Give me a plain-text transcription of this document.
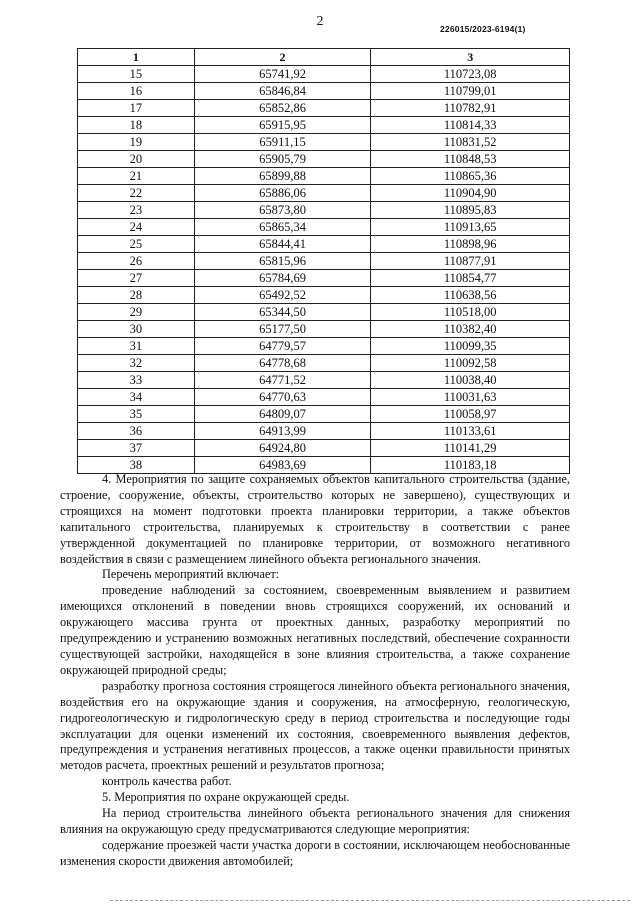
2	226015/2023-6194(1)
1	2	3
15	65741,92	110723,08
16	65846,84	110799,01
17	65852,86	110782,91
18	65915,95	110814,33
19	65911,15	110831,52
20	65905,79	110848,53
21	65899,88	110865,36
22	65886,06	110904,90
23	65873,80	110895,83
24	65865,34	110913,65
25	65844,41	110898,96
26	65815,96	110877,91
27	65784,69	110854,77
28	65492,52	110638,56
29	65344,50	110518,00
30	65177,50	110382,40
31	64779,57	110099,35
32	64778,68	110092,58
33	64771,52	110038,40
34	64770,63	110031,63
35	64809,07	110058,97
36	64913,99	110133,61
37	64924,80	110141,29
38	64983,69	110183,18

4. Мероприятия по защите сохраняемых объектов капитального строительства (здание, строение, сооружение, объекты, строительство которых не завершено), существующих и строящихся на момент подготовки проекта планировки территории, а также объектов капитального строительства, планируемых к строительству в соответствии с ранее утвержденной документацией по планировке территории, от возможного негативного воздействия в связи с размещением линейного объекта регионального значения.

Перечень мероприятий включает:

проведение наблюдений за состоянием, своевременным выявлением и развитием имеющихся отклонений в поведении вновь строящихся сооружений, их оснований и окружающего массива грунта от проектных данных, разработку мероприятий по предупреждению и устранению возможных негативных последствий, обеспечение сохранности существующей застройки, находящейся в зоне влияния строительства, а также сохранение окружающей природной среды;

разработку прогноза состояния строящегося линейного объекта регионального значения, воздействия его на окружающие здания и сооружения, на атмосферную, геологическую, гидрогеологическую и гидрологическую среду в период строительства и последующие годы эксплуатации для оценки изменений их состояния, своевременного выявления дефектов, предупреждения и устранения негативных процессов, а также оценки правильности принятых методов расчета, проектных решений и результатов прогноза;

контроль качества работ.

5. Мероприятия по охране окружающей среды.

На период строительства линейного объекта регионального значения для снижения влияния на окружающую среду предусматриваются следующие мероприятия:

содержание проезжей части участка дороги в состоянии, исключающем необоснованные изменения скорости движения автомобилей;
